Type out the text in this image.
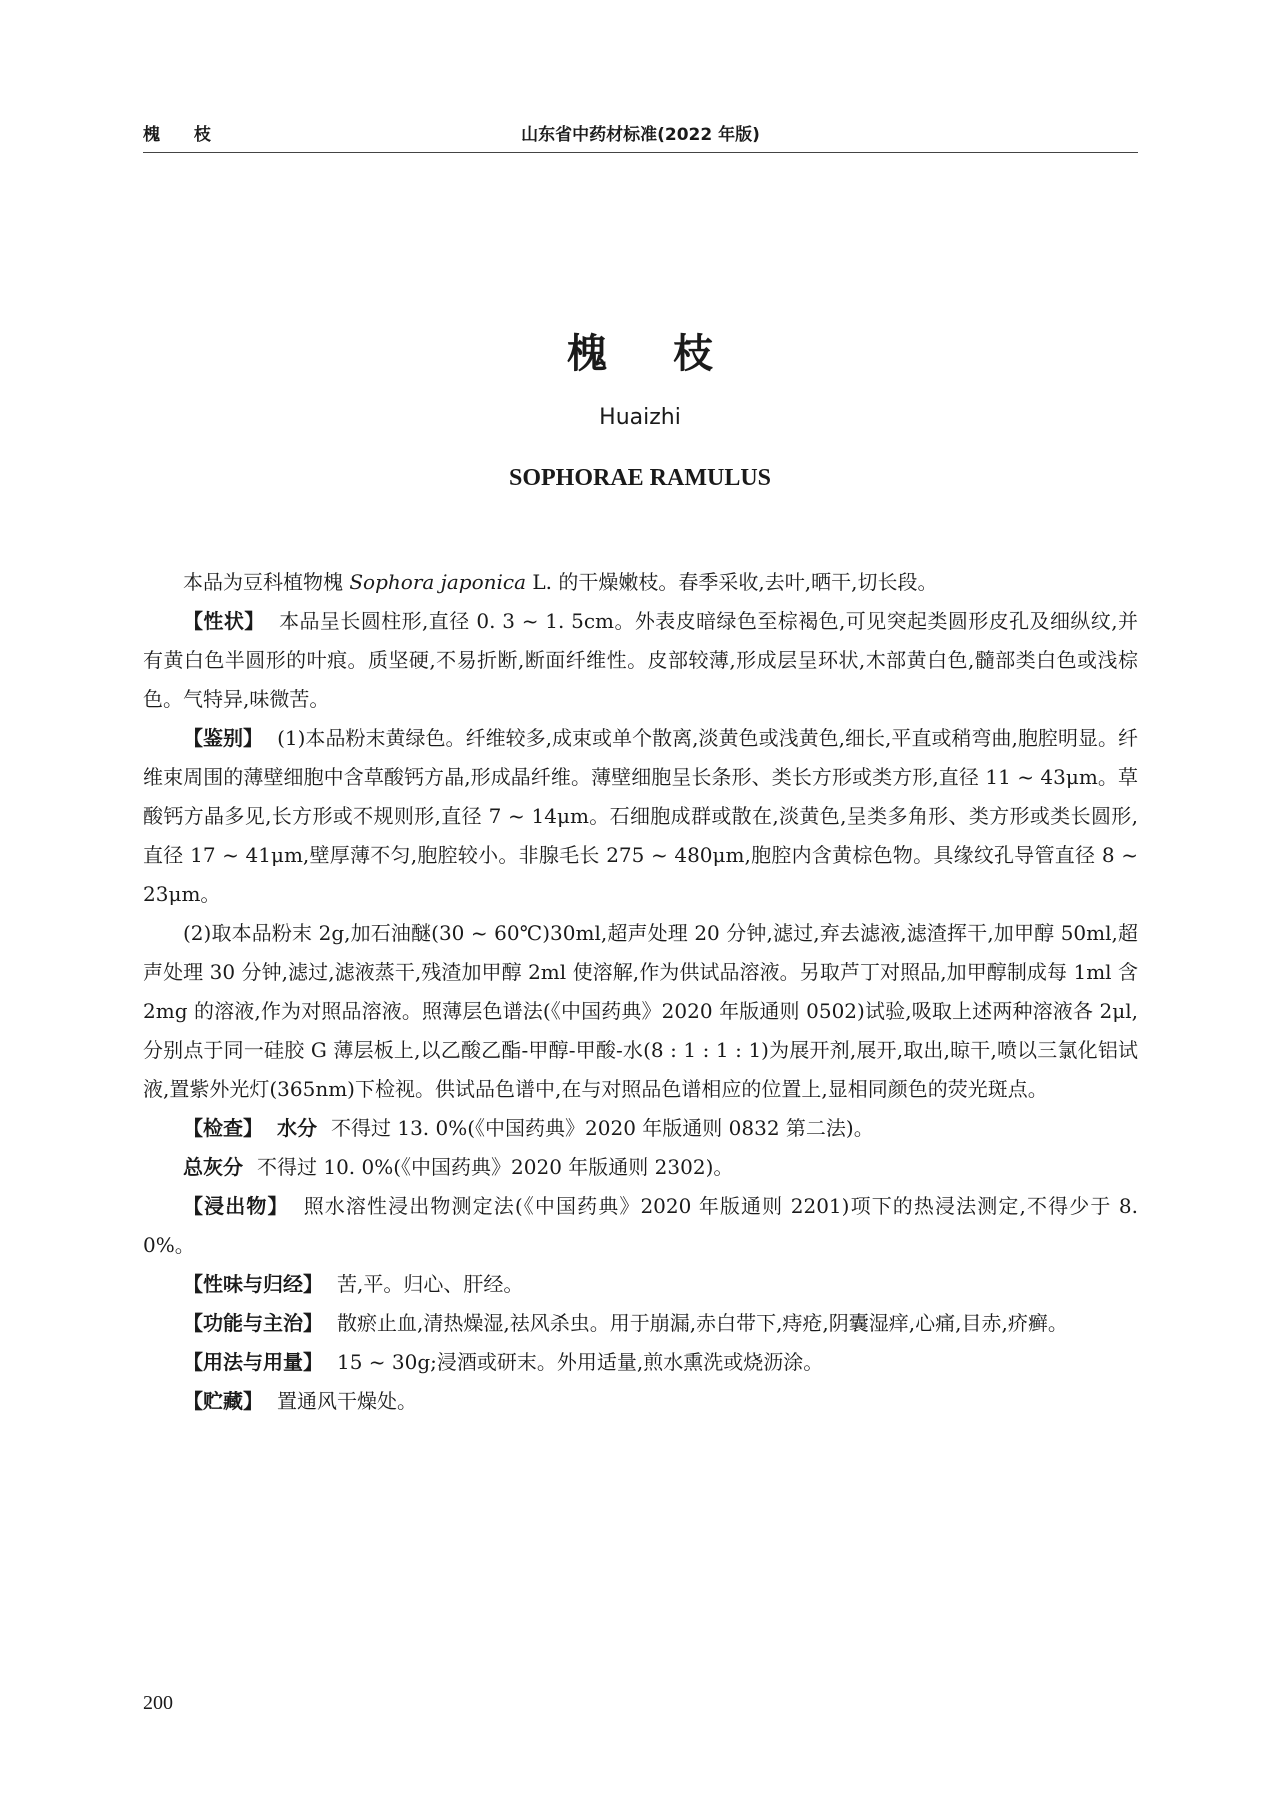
槐 枝	山东省中药材标准(2022 年版)
槐 枝
Huaizhi
SOPHORAE RAMULUS

本品为豆科植物槐 Sophora japonica L. 的干燥嫩枝。春季采收,去叶,晒干,切长段。

【性状】 本品呈长圆柱形,直径 0. 3 ~ 1. 5cm。外表皮暗绿色至棕褐色,可见突起类圆形皮孔及细纵纹,并有黄白色半圆形的叶痕。质坚硬,不易折断,断面纤维性。皮部较薄,形成层呈环状,木部黄白色,髓部类白色或浅棕色。气特异,味微苦。

【鉴别】 (1)本品粉末黄绿色。纤维较多,成束或单个散离,淡黄色或浅黄色,细长,平直或稍弯曲,胞腔明显。纤维束周围的薄壁细胞中含草酸钙方晶,形成晶纤维。薄壁细胞呈长条形、类长方形或类方形,直径 11 ~ 43μm。草酸钙方晶多见,长方形或不规则形,直径 7 ~ 14μm。石细胞成群或散在,淡黄色,呈类多角形、类方形或类长圆形,直径 17 ~ 41μm,壁厚薄不匀,胞腔较小。非腺毛长 275 ~ 480μm,胞腔内含黄棕色物。具缘纹孔导管直径 8 ~ 23μm。

(2)取本品粉末 2g,加石油醚(30 ~ 60℃)30ml,超声处理 20 分钟,滤过,弃去滤液,滤渣挥干,加甲醇 50ml,超声处理 30 分钟,滤过,滤液蒸干,残渣加甲醇 2ml 使溶解,作为供试品溶液。另取芦丁对照品,加甲醇制成每 1ml 含 2mg 的溶液,作为对照品溶液。照薄层色谱法(《中国药典》2020 年版通则 0502)试验,吸取上述两种溶液各 2μl,分别点于同一硅胶 G 薄层板上,以乙酸乙酯-甲醇-甲酸-水(8 : 1 : 1 : 1)为展开剂,展开,取出,晾干,喷以三氯化铝试液,置紫外光灯(365nm)下检视。供试品色谱中,在与对照品色谱相应的位置上,显相同颜色的荧光斑点。

【检查】 水分 不得过 13. 0%(《中国药典》2020 年版通则 0832 第二法)。

总灰分 不得过 10. 0%(《中国药典》2020 年版通则 2302)。

【浸出物】 照水溶性浸出物测定法(《中国药典》2020 年版通则 2201)项下的热浸法测定,不得少于 8. 0%。

【性味与归经】 苦,平。归心、肝经。

【功能与主治】 散瘀止血,清热燥湿,祛风杀虫。用于崩漏,赤白带下,痔疮,阴囊湿痒,心痛,目赤,疥癣。

【用法与用量】 15 ~ 30g;浸酒或研末。外用适量,煎水熏洗或烧沥涂。

【贮藏】 置通风干燥处。

200
